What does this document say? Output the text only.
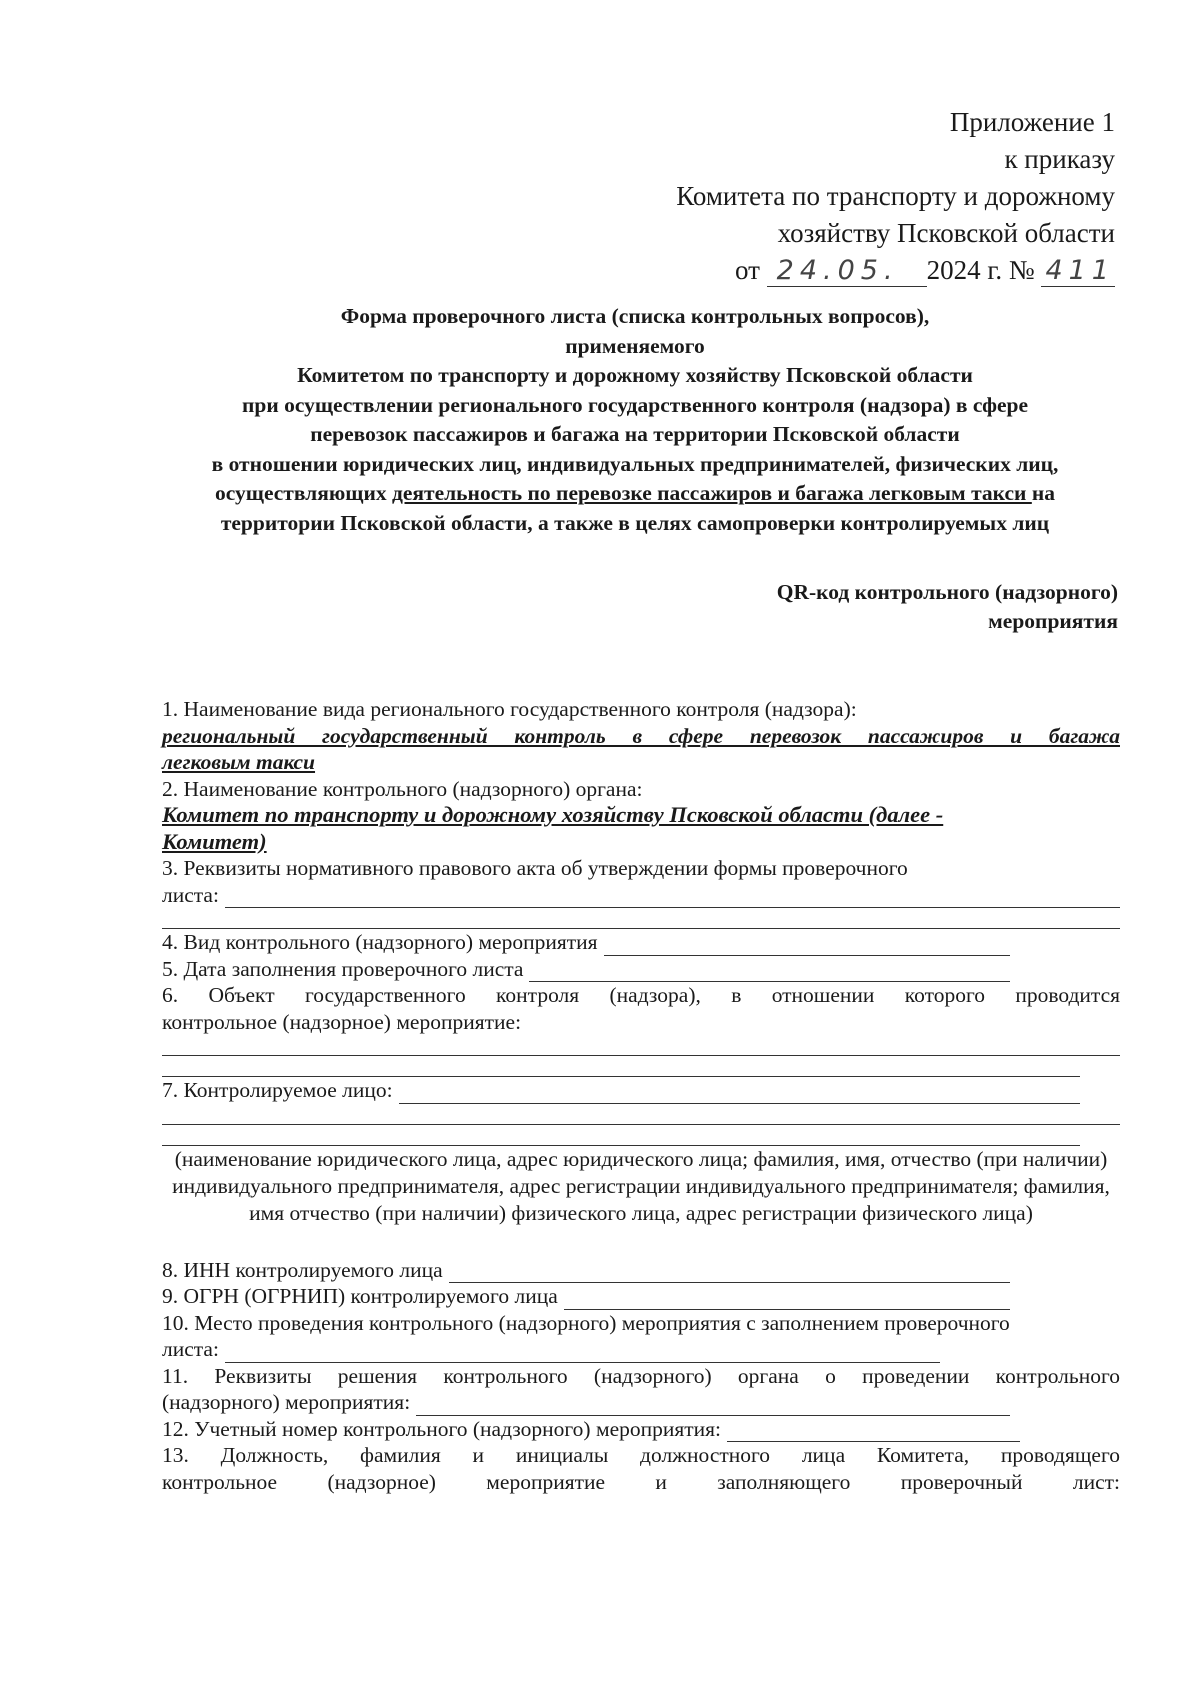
Приложение 1
к приказу
Комитета по транспорту и дорожному
хозяйству Псковской области
от 24.05. 2024 г. № 411
Форма проверочного листа (списка контрольных вопросов),
применяемого
Комитетом по транспорту и дорожному хозяйству Псковской области
при осуществлении регионального государственного контроля (надзора) в сфере
перевозок пассажиров и багажа на территории Псковской области
в отношении юридических лиц, индивидуальных предпринимателей, физических лиц,
осуществляющих деятельность по перевозке пассажиров и багажа легковым такси на
территории Псковской области, а также в целях самопроверки контролируемых лиц
QR-код контрольного (надзорного)
мероприятия
1. Наименование вида регионального государственного контроля (надзора):
региональный государственный контроль в сфере перевозок пассажиров и багажа
легковым такси
2. Наименование контрольного (надзорного) органа:
Комитет по транспорту и дорожному хозяйству Псковской области (далее -
Комитет)
3. Реквизиты нормативного правового акта об утверждении формы проверочного
листа:
4. Вид контрольного (надзорного) мероприятия
5. Дата заполнения проверочного листа
6. Объект государственного контроля (надзора), в отношении которого проводится
контрольное (надзорное) мероприятие:
7. Контролируемое лицо:
(наименование юридического лица, адрес юридического лица; фамилия, имя, отчество (при наличии) индивидуального предпринимателя, адрес регистрации индивидуального предпринимателя; фамилия, имя отчество (при наличии) физического лица, адрес регистрации физического лица)
8. ИНН контролируемого лица
9. ОГРН (ОГРНИП) контролируемого лица
10. Место проведения контрольного (надзорного) мероприятия с заполнением проверочного
листа:
11. Реквизиты решения контрольного (надзорного) органа о проведении контрольного
(надзорного) мероприятия:
12. Учетный номер контрольного (надзорного) мероприятия:
13. Должность, фамилия и инициалы должностного лица Комитета, проводящего
контрольное (надзорное) мероприятие и заполняющего проверочный лист:
